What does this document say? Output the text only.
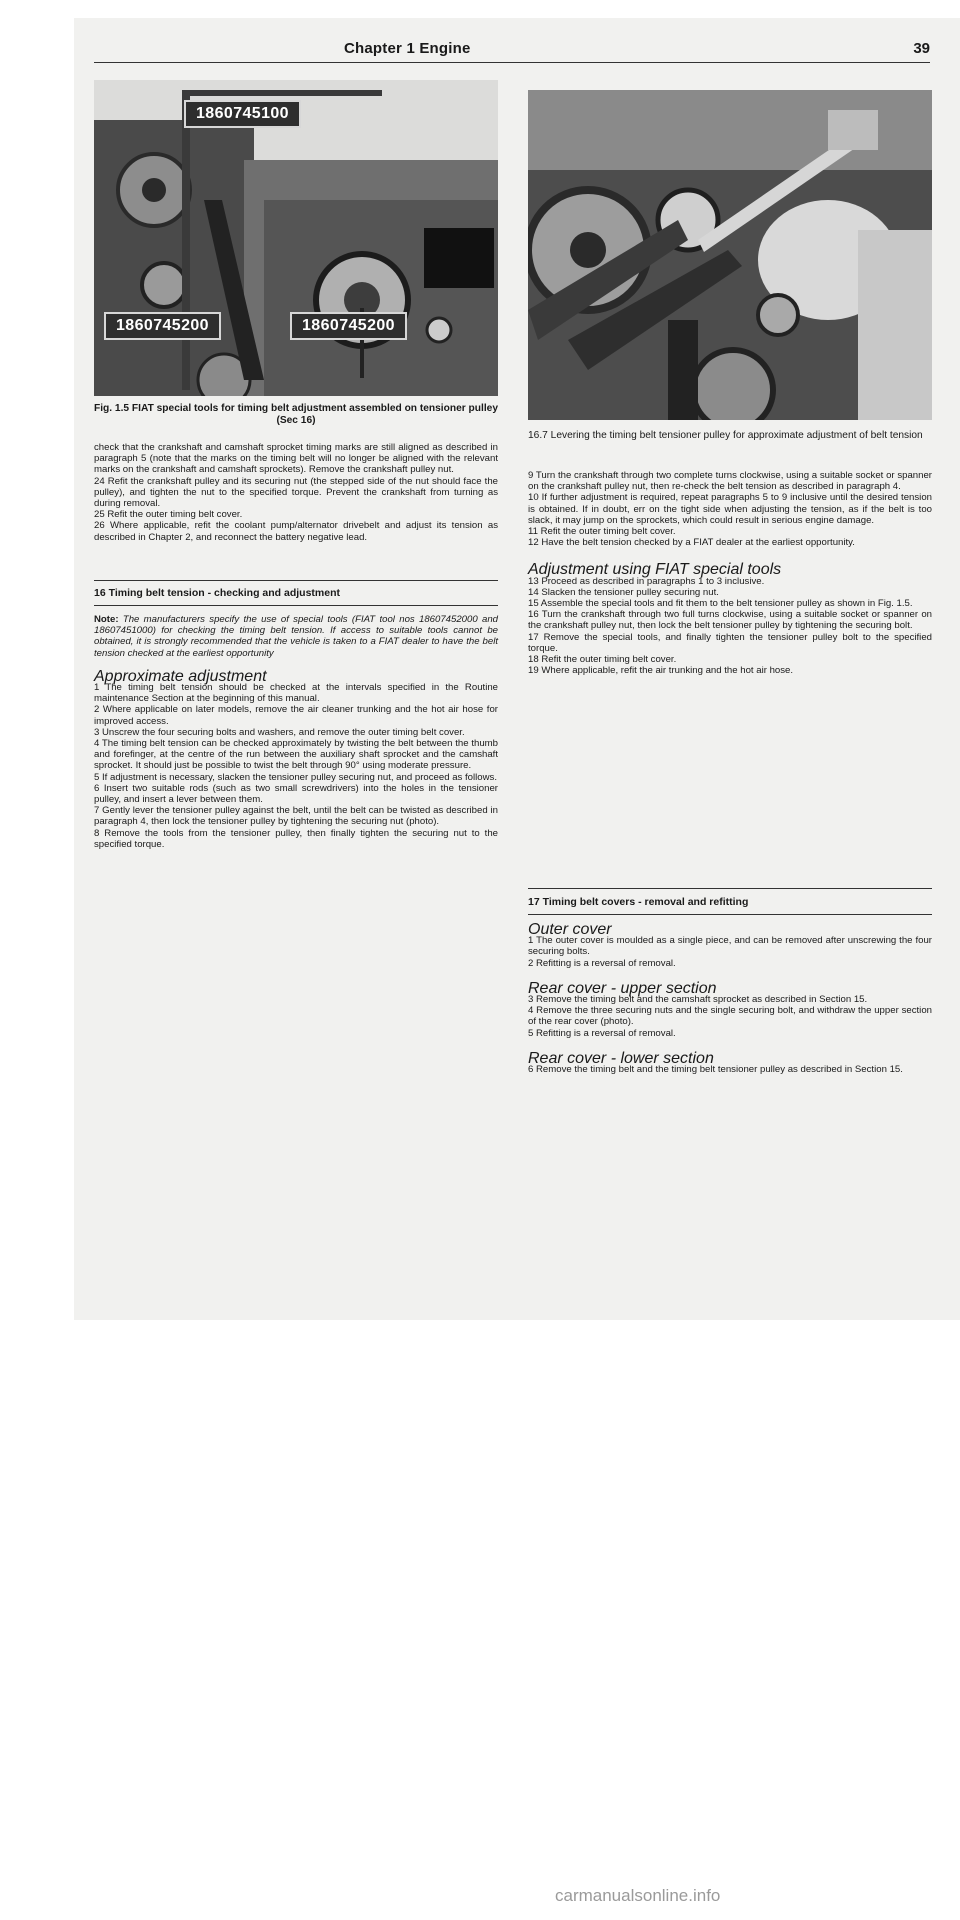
Chapter 1 Engine	39
1860745100
1860745200	1860745200
Fig. 1.5 FIAT special tools for timing belt adjustment assembled on tensioner pulley (Sec 16)
16.7 Levering the timing belt tensioner pulley for approximate adjustment of belt tension

check that the crankshaft and camshaft sprocket timing marks are still aligned as described in paragraph 5 (note that the marks on the timing belt will no longer be aligned with the relevant marks on the crankshaft and camshaft sprockets). Remove the crankshaft pulley nut.

24 Refit the crankshaft pulley and its securing nut (the stepped side of the nut should face the pulley), and tighten the nut to the specified torque. Prevent the crankshaft from turning as during removal.

25 Refit the outer timing belt cover.

26 Where applicable, refit the coolant pump/alternator drivebelt and adjust its tension as described in Chapter 2, and reconnect the battery negative lead.

16 Timing belt tension - checking and adjustment

Note: The manufacturers specify the use of special tools (FIAT tool nos 18607452000 and 18607451000) for checking the timing belt tension. If access to suitable tools cannot be obtained, it is strongly recommended that the vehicle is taken to a FIAT dealer to have the belt tension checked at the earliest opportunity

Approximate adjustment

1 The timing belt tension should be checked at the intervals specified in the Routine maintenance Section at the beginning of this manual.

2 Where applicable on later models, remove the air cleaner trunking and the hot air hose for improved access.

3 Unscrew the four securing bolts and washers, and remove the outer timing belt cover.

4 The timing belt tension can be checked approximately by twisting the belt between the thumb and forefinger, at the centre of the run between the auxiliary shaft sprocket and the camshaft sprocket. It should just be possible to twist the belt through 90° using moderate pressure.

5 If adjustment is necessary, slacken the tensioner pulley securing nut, and proceed as follows.

6 Insert two suitable rods (such as two small screwdrivers) into the holes in the tensioner pulley, and insert a lever between them.

7 Gently lever the tensioner pulley against the belt, until the belt can be twisted as described in paragraph 4, then lock the tensioner pulley by tightening the securing nut (photo).

8 Remove the tools from the tensioner pulley, then finally tighten the securing nut to the specified torque.

9 Turn the crankshaft through two complete turns clockwise, using a suitable socket or spanner on the crankshaft pulley nut, then re-check the belt tension as described in paragraph 4.

10 If further adjustment is required, repeat paragraphs 5 to 9 inclusive until the desired tension is obtained. If in doubt, err on the tight side when adjusting the tension, as if the belt is too slack, it may jump on the sprockets, which could result in serious engine damage.

11 Refit the outer timing belt cover.

12 Have the belt tension checked by a FIAT dealer at the earliest opportunity.

Adjustment using FIAT special tools

13 Proceed as described in paragraphs 1 to 3 inclusive.

14 Slacken the tensioner pulley securing nut.

15 Assemble the special tools and fit them to the belt tensioner pulley as shown in Fig. 1.5.

16 Turn the crankshaft through two full turns clockwise, using a suitable socket or spanner on the crankshaft pulley nut, then lock the belt tensioner pulley by tightening the securing bolt.

17 Remove the special tools, and finally tighten the tensioner pulley bolt to the specified torque.

18 Refit the outer timing belt cover.

19 Where applicable, refit the air trunking and the hot air hose.

17 Timing belt covers - removal and refitting

Outer cover

1 The outer cover is moulded as a single piece, and can be removed after unscrewing the four securing bolts.

2 Refitting is a reversal of removal.

Rear cover - upper section

3 Remove the timing belt and the camshaft sprocket as described in Section 15.

4 Remove the three securing nuts and the single securing bolt, and withdraw the upper section of the rear cover (photo).

5 Refitting is a reversal of removal.

Rear cover - lower section

6 Remove the timing belt and the timing belt tensioner pulley as described in Section 15.

carmanualsonline.info
